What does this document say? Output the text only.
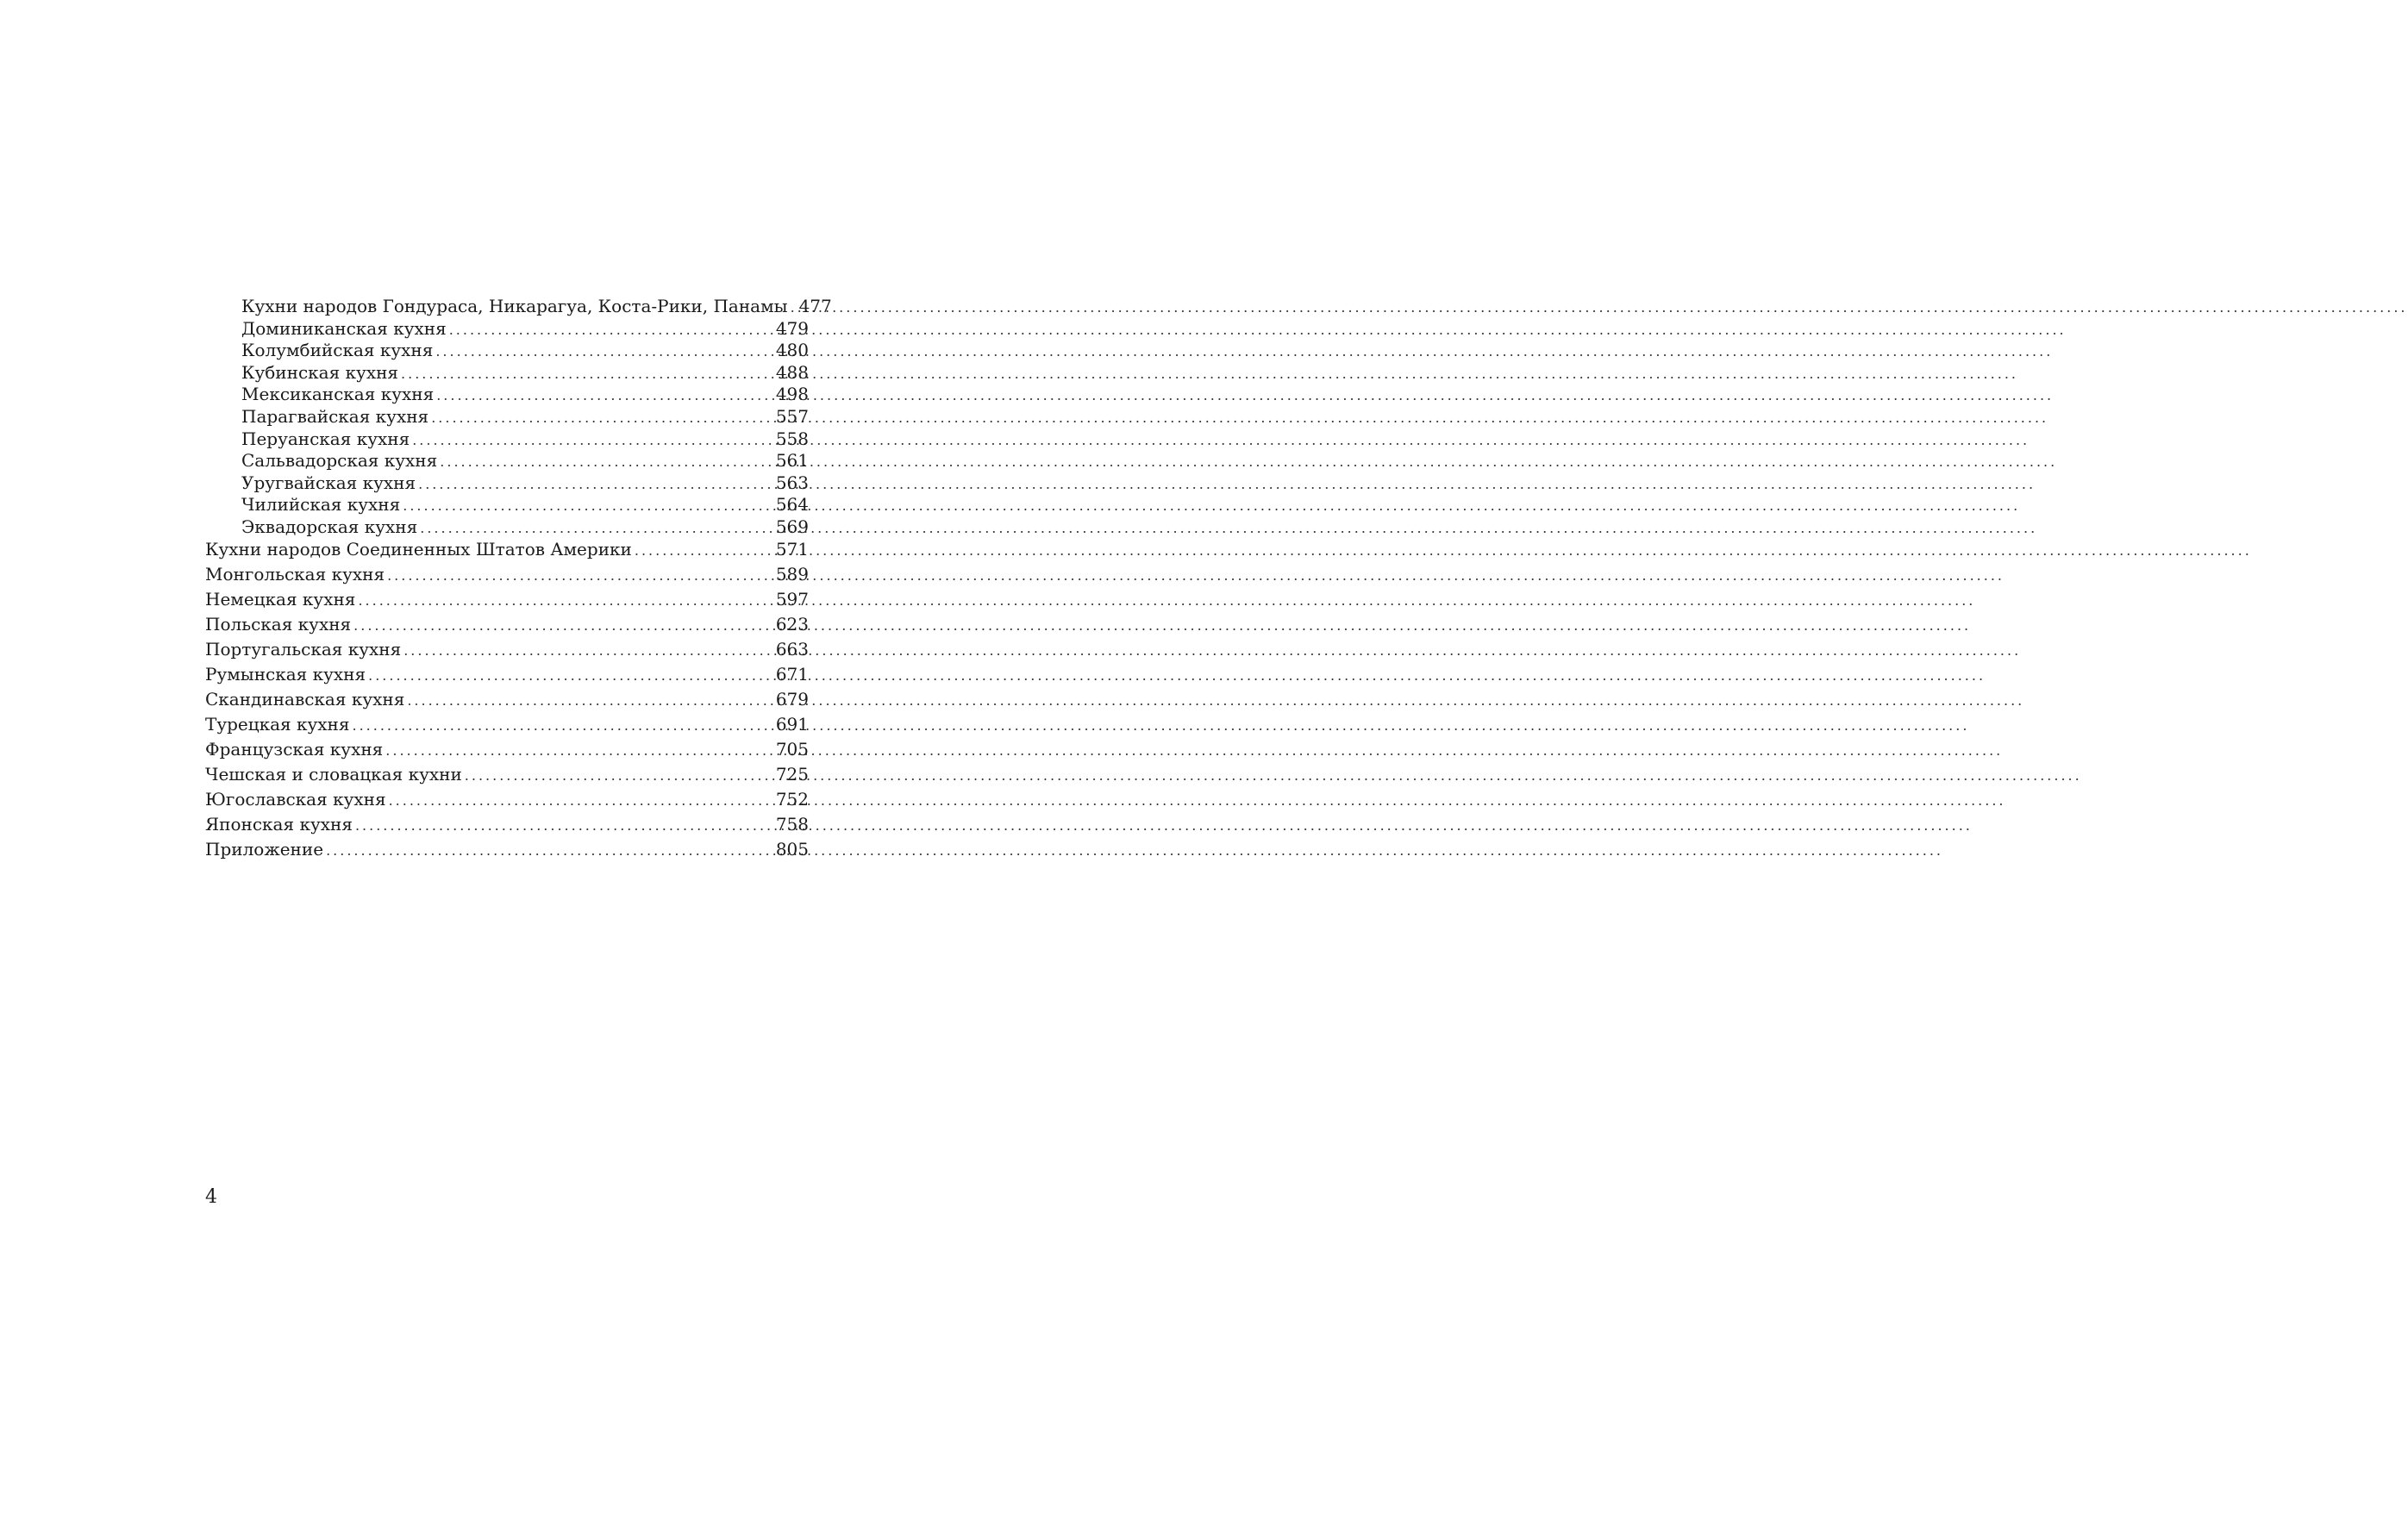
Кухни народов Гондураса, Никарагуа, Коста-Рики, Панамы ..... 477
Доминиканская кухня .....	479
Колумбийская кухня .....	480
Кубинская кухня .....	488
Мексиканская кухня .....	498
Парагвайская кухня .....	557
Перуанская кухня .....	558
Сальвадорская кухня .....	561
Уругвайская кухня .....	563
Чилийская кухня .....	564
Эквадорская кухня .....	569
Кухни народов Соединенных Штатов Америки .....	571
Монгольская кухня .....	589
Немецкая кухня .....	597
Польская кухня .....	623
Португальская кухня .....	663
Румынская кухня .....	671
Скандинавская кухня .....	679
Турецкая кухня .....	691
Французская кухня .....	705
Чешская и словацкая кухни .....	725
Югославская кухня .....	752
Японская кухня .....	758
Приложение .....	805
4
